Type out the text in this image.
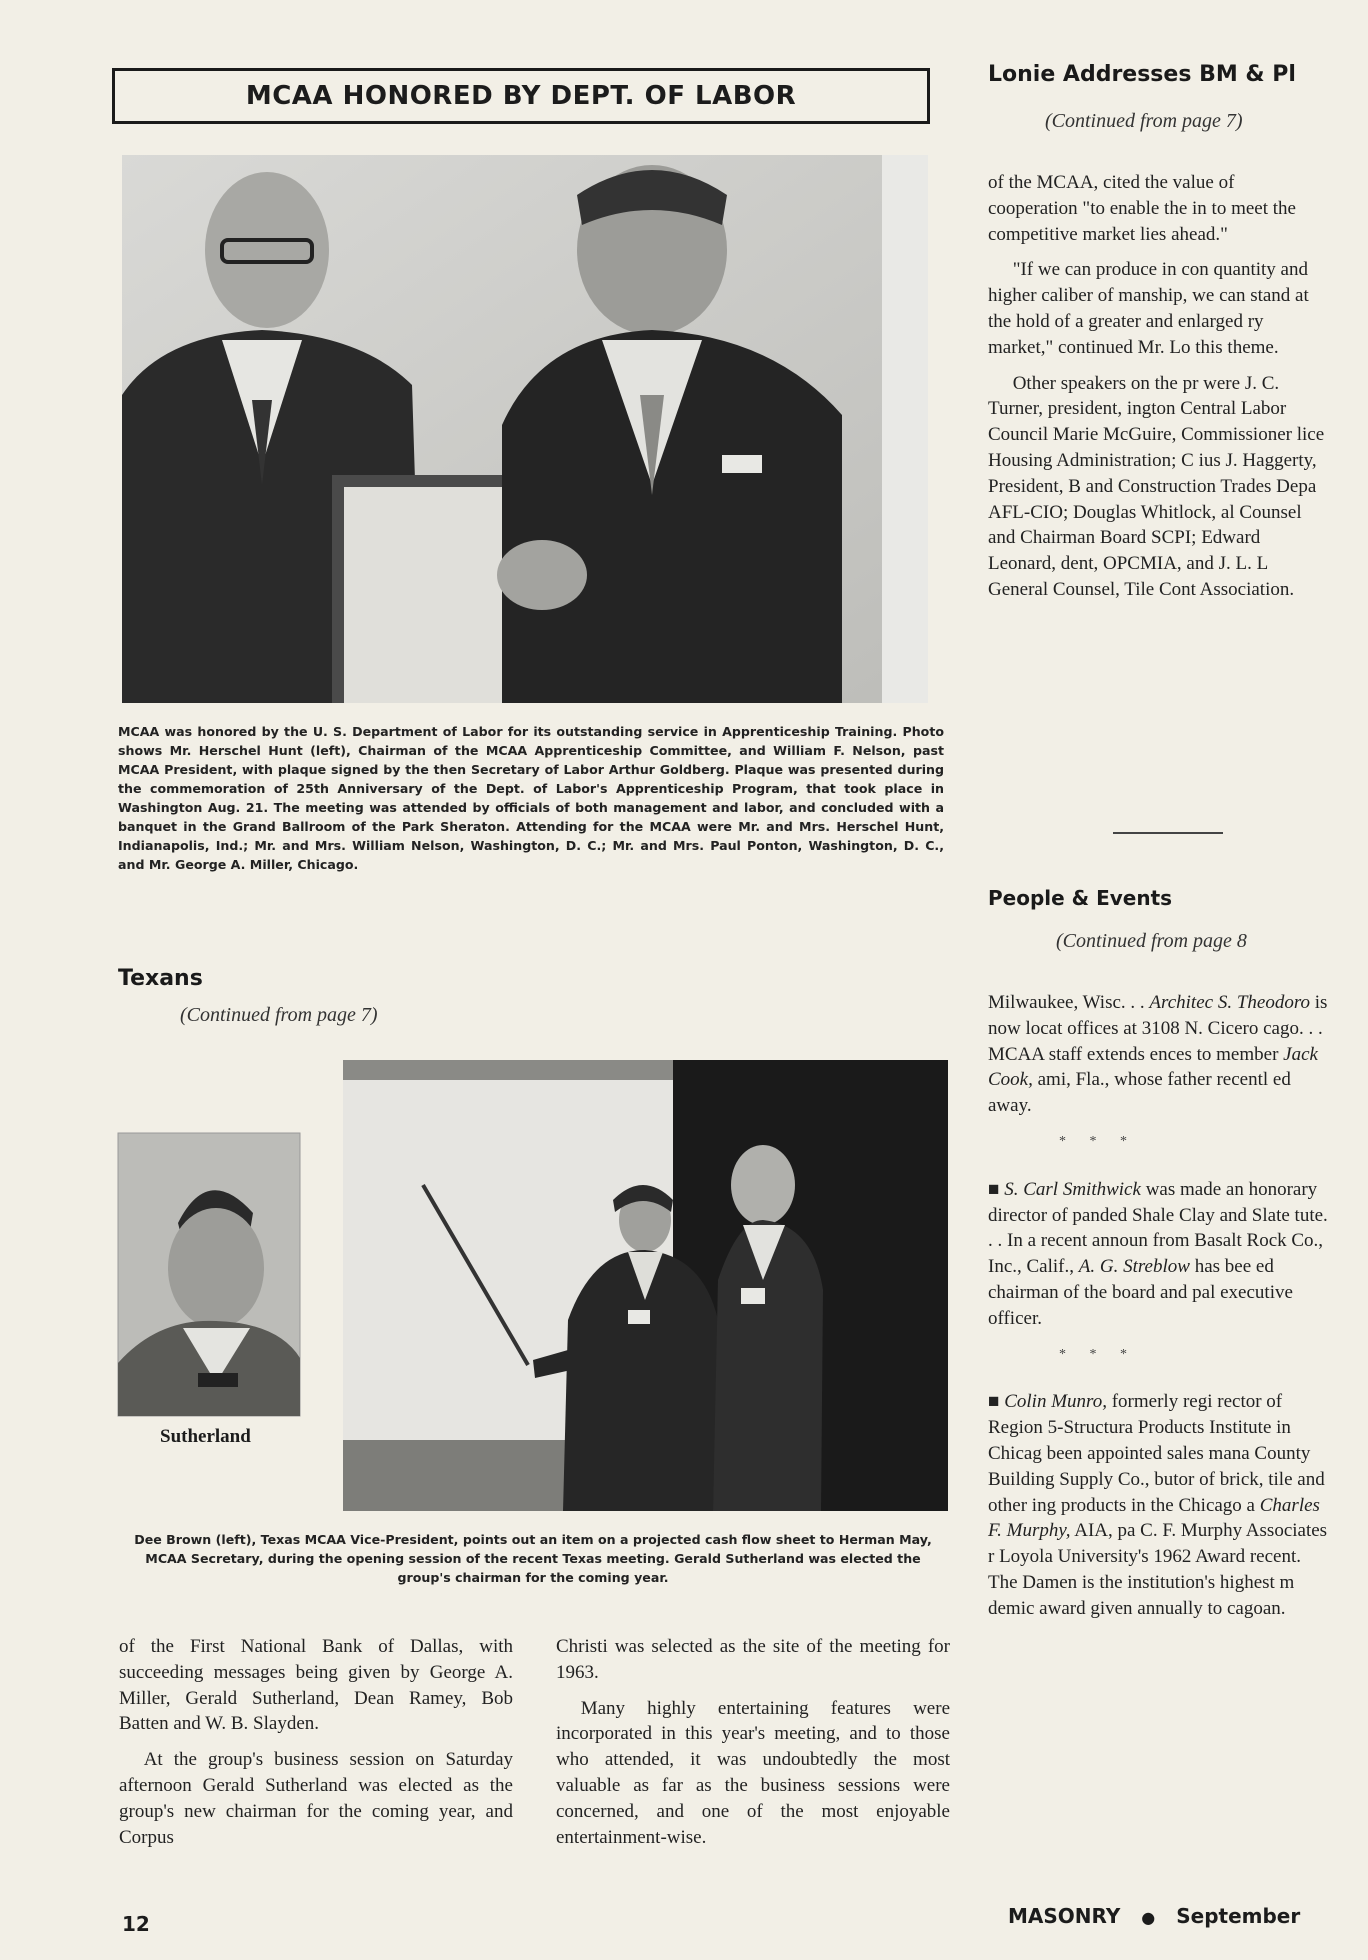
MCAA HONORED BY DEPT. OF LABOR
MCAA was honored by the U. S. Department of Labor for its outstanding service in Apprenticeship Training. Photo shows Mr. Herschel Hunt (left), Chairman of the MCAA Apprenticeship Committee, and William F. Nelson, past MCAA President, with plaque signed by the then Secretary of Labor Arthur Goldberg. Plaque was presented during the commemoration of 25th Anniversary of the Dept. of Labor's Apprenticeship Program, that took place in Washington Aug. 21. The meeting was attended by officials of both management and labor, and concluded with a banquet in the Grand Ballroom of the Park Sheraton. Attending for the MCAA were Mr. and Mrs. Herschel Hunt, Indianapolis, Ind.; Mr. and Mrs. William Nelson, Washington, D. C.; Mr. and Mrs. Paul Ponton, Washington, D. C., and Mr. George A. Miller, Chicago.
Texans
(Continued from page 7)
Sutherland
Dee Brown (left), Texas MCAA Vice-President, points out an item on a projected cash flow sheet to Herman May, MCAA Secretary, during the opening session of the recent Texas meeting. Gerald Sutherland was elected the group's chairman for the coming year.

of the First National Bank of Dallas, with succeeding messages being given by George A. Miller, Gerald Sutherland, Dean Ramey, Bob Batten and W. B. Slayden.

At the group's business session on Saturday afternoon Gerald Sutherland was elected as the group's new chairman for the coming year, and Corpus

Christi was selected as the site of the meeting for 1963.

Many highly entertaining features were incorporated in this year's meeting, and to those who attended, it was undoubtedly the most valuable as far as the business sessions were concerned, and one of the most enjoyable entertainment-wise.

12
Lonie Addresses BM & Pl
(Continued from page 7)

of the MCAA, cited the value of cooperation "to enable the in to meet the competitive market lies ahead."

"If we can produce in con quantity and higher caliber of manship, we can stand at the hold of a greater and enlarged ry market," continued Mr. Lo this theme.

Other speakers on the pr were J. C. Turner, president, ington Central Labor Council Marie McGuire, Commissioner lice Housing Administration; C ius J. Haggerty, President, B and Construction Trades Depa AFL-CIO; Douglas Whitlock, al Counsel and Chairman Board SCPI; Edward Leonard, dent, OPCMIA, and J. L. L General Counsel, Tile Cont Association.

People & Events
(Continued from page 8

Milwaukee, Wisc. . . Architec S. Theodoro is now locat offices at 3108 N. Cicero cago. . . MCAA staff extends ences to member Jack Cook, ami, Fla., whose father recentl ed away.

* * *

■ S. Carl Smithwick was made an honorary director of panded Shale Clay and Slate tute. . . In a recent announ from Basalt Rock Co., Inc., Calif., A. G. Streblow has bee ed chairman of the board and pal executive officer.

* * *

■ Colin Munro, formerly regi rector of Region 5-Structura Products Institute in Chicag been appointed sales mana County Building Supply Co., butor of brick, tile and other ing products in the Chicago a Charles F. Murphy, AIA, pa C. F. Murphy Associates r Loyola University's 1962 Award recent. The Damen is the institution's highest m demic award given annually to cagoan.

MASONRY ● September
